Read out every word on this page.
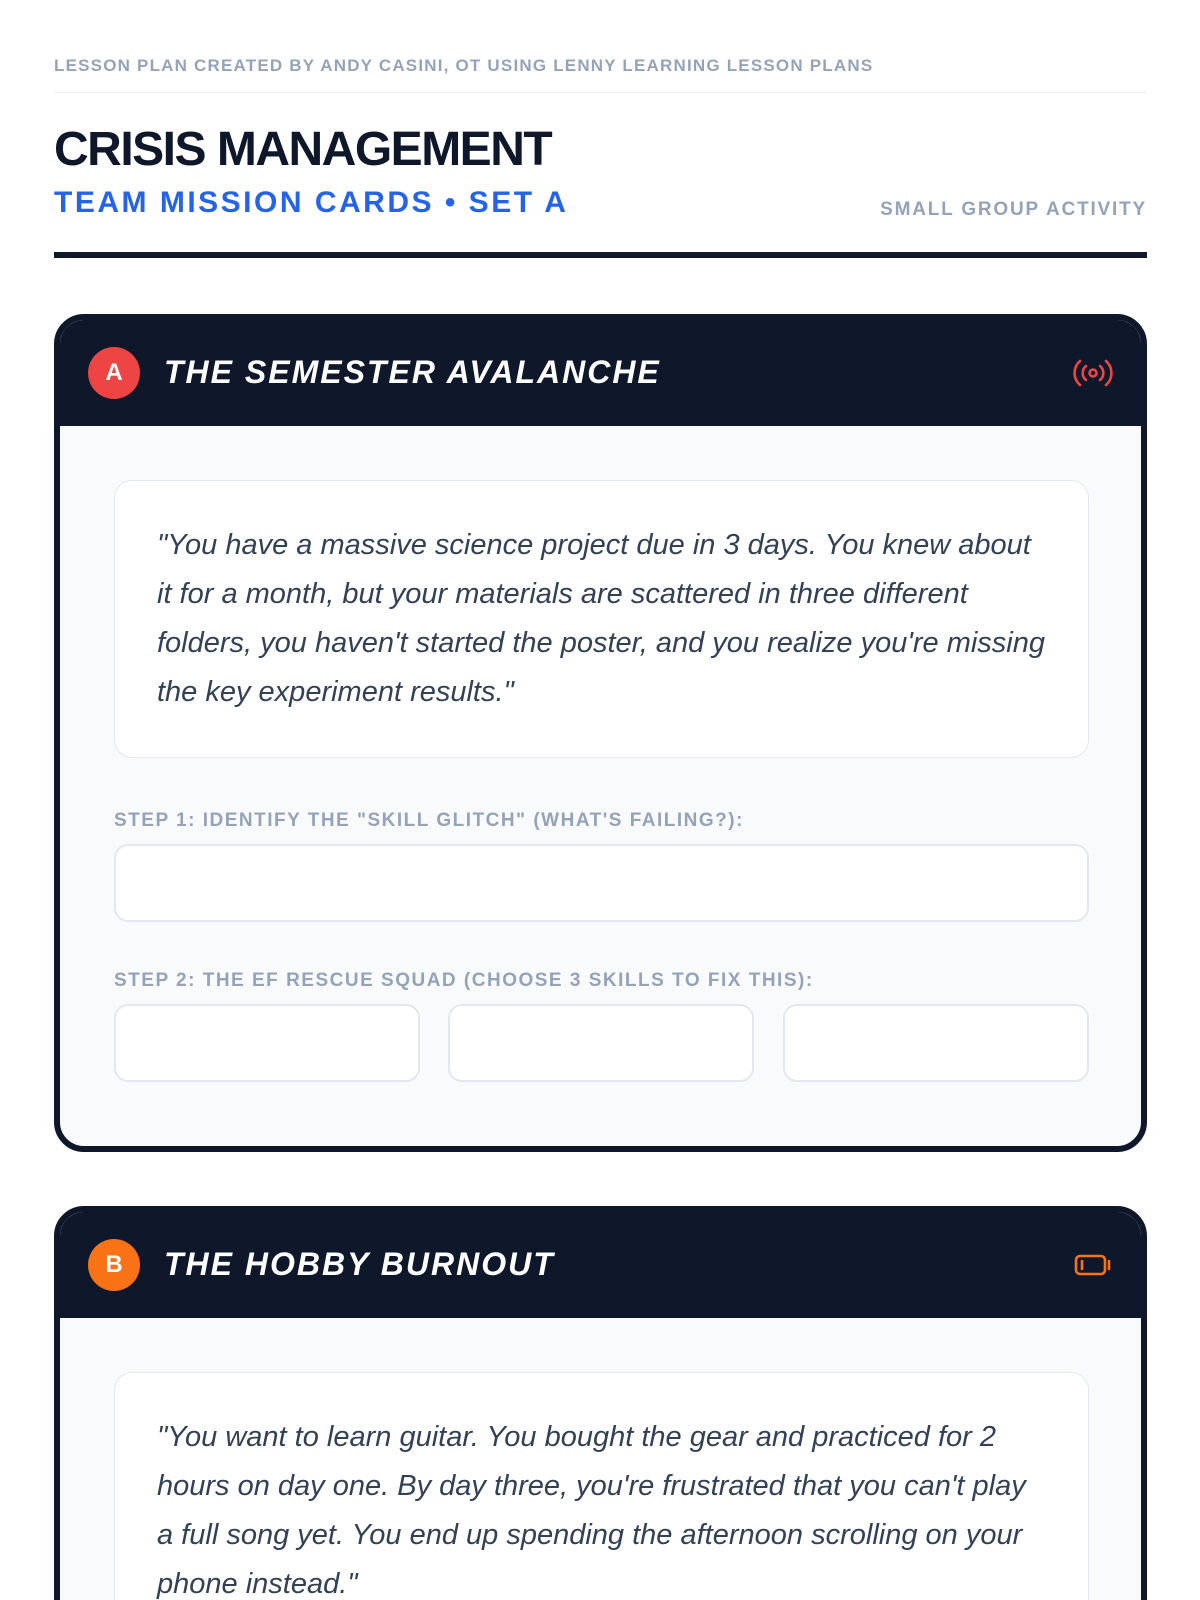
LESSON PLAN CREATED BY ANDY CASINI, OT USING LENNY LEARNING LESSON PLANS
CRISIS MANAGEMENT
TEAM MISSION CARDS • SET A	SMALL GROUP ACTIVITY
A	THE SEMESTER AVALANCHE
"You have a massive science project due in 3 days. You knew about it for a month, but your materials are scattered in three different folders, you haven't started the poster, and you realize you're missing the key experiment results."
STEP 1: IDENTIFY THE "SKILL GLITCH" (WHAT'S FAILING?):
STEP 2: THE EF RESCUE SQUAD (CHOOSE 3 SKILLS TO FIX THIS):
B	THE HOBBY BURNOUT
"You want to learn guitar. You bought the gear and practiced for 2 hours on day one. By day three, you're frustrated that you can't play a full song yet. You end up spending the afternoon scrolling on your phone instead."
